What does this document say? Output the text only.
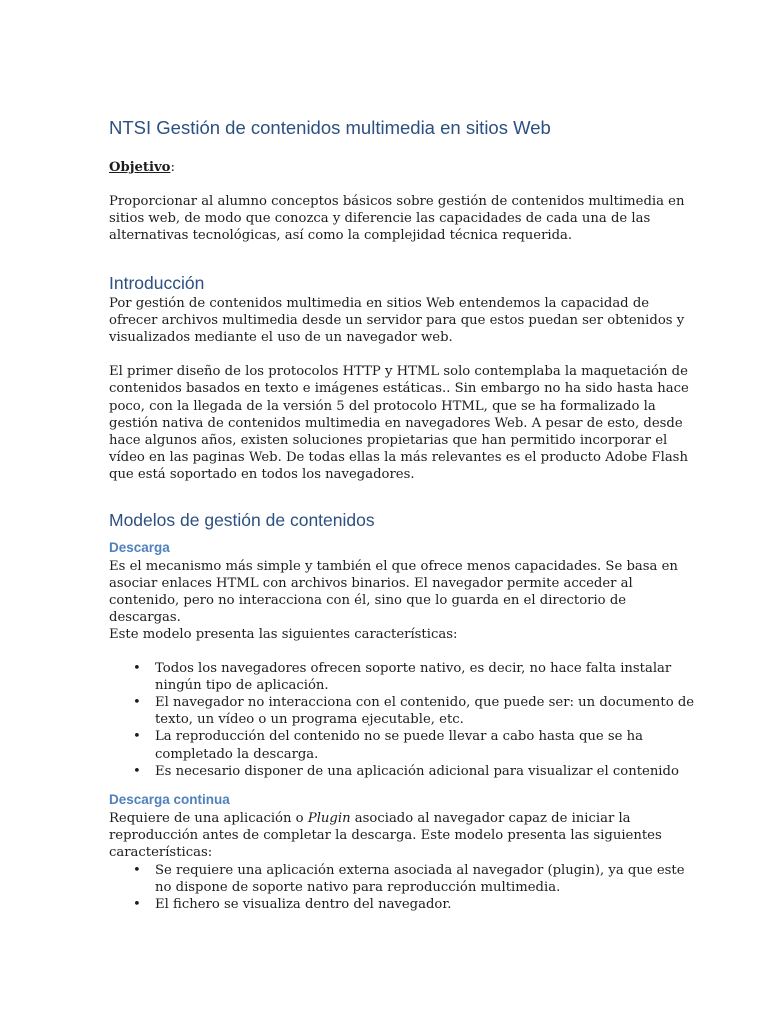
NTSI Gestión de contenidos multimedia en sitios Web
Objetivo:

Proporcionar al alumno conceptos básicos sobre gestión de contenidos multimedia en sitios web, de modo que conozca y diferencie las capacidades de cada una de las alternativas tecnológicas, así como la complejidad técnica requerida.

Introducción

Por gestión de contenidos multimedia en sitios Web entendemos la capacidad de ofrecer archivos multimedia desde un servidor para que estos puedan ser obtenidos y visualizados mediante el uso de un navegador web.

El primer diseño de los protocolos HTTP y HTML solo contemplaba la maquetación de contenidos basados en texto e imágenes estáticas.. Sin embargo no ha sido hasta hace poco, con la llegada de la versión 5 del protocolo HTML, que se ha formalizado la gestión nativa de contenidos multimedia en navegadores Web. A pesar de esto, desde hace algunos años, existen soluciones propietarias que han permitido incorporar el vídeo en las paginas Web. De todas ellas la más relevantes es el producto Adobe Flash que está soportado en todos los navegadores.

Modelos de gestión de contenidos
Descarga

Es el mecanismo más simple y también el que ofrece menos capacidades. Se basa en asociar enlaces HTML con archivos binarios. El navegador permite acceder al contenido, pero no interacciona con él, sino que lo guarda en el directorio de descargas.

Este modelo presenta las siguientes características:

• Todos los navegadores ofrecen soporte nativo, es decir, no hace falta instalar ningún tipo de aplicación.
• El navegador no interacciona con el contenido, que puede ser: un documento de texto, un vídeo o un programa ejecutable, etc.
• La reproducción del contenido no se puede llevar a cabo hasta que se ha completado la descarga.
• Es necesario disponer de una aplicación adicional para visualizar el contenido
Descarga continua

Requiere de una aplicación o Plugin asociado al navegador capaz de iniciar la reproducción antes de completar la descarga. Este modelo presenta las siguientes características:

• Se requiere una aplicación externa asociada al navegador (plugin), ya que este no dispone de soporte nativo para reproducción multimedia.
• El fichero se visualiza dentro del navegador.
